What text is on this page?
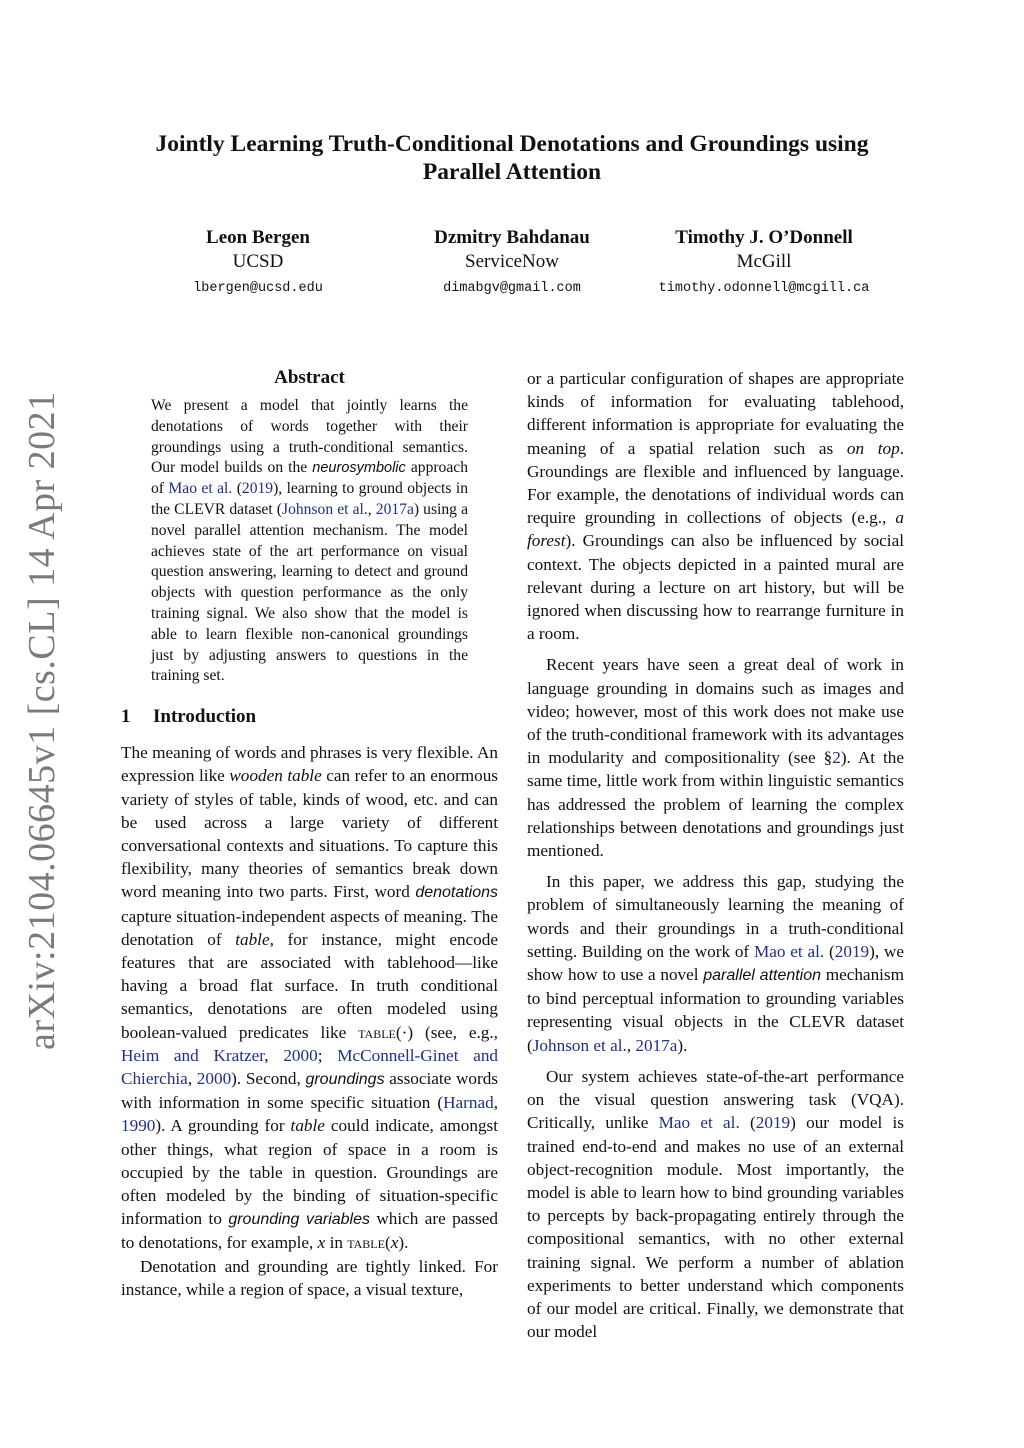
Jointly Learning Truth-Conditional Denotations and Groundings using
Parallel Attention
Leon Bergen
UCSD
lbergen@ucsd.edu
Dzmitry Bahdanau
ServiceNow
dimabgv@gmail.com
Timothy J. O’Donnell
McGill
timothy.odonnell@mcgill.ca
arXiv:2104.06645v1 [cs.CL] 14 Apr 2021
Abstract
We present a model that jointly learns the denotations of words together with their groundings using a truth-conditional semantics. Our model builds on the neurosymbolic approach of Mao et al. (2019), learning to ground objects in the CLEVR dataset (Johnson et al., 2017a) using a novel parallel attention mechanism. The model achieves state of the art performance on visual question answering, learning to detect and ground objects with question performance as the only training signal. We also show that the model is able to learn flexible non-canonical groundings just by adjusting answers to questions in the training set.
1 Introduction

The meaning of words and phrases is very flexible. An expression like wooden table can refer to an enormous variety of styles of table, kinds of wood, etc. and can be used across a large variety of different conversational contexts and situations. To capture this flexibility, many theories of semantics break down word meaning into two parts. First, word denotations capture situation-independent aspects of meaning. The denotation of table, for instance, might encode features that are associated with tablehood—like having a broad flat surface. In truth conditional semantics, denotations are often modeled using boolean-valued predicates like table(·) (see, e.g., Heim and Kratzer, 2000; McConnell-Ginet and Chierchia, 2000). Second, groundings associate words with information in some specific situation (Harnad, 1990). A grounding for table could indicate, amongst other things, what region of space in a room is occupied by the table in question. Groundings are often modeled by the binding of situation-specific information to grounding variables which are passed to denotations, for example, x in table(x).

Denotation and grounding are tightly linked. For instance, while a region of space, a visual texture,

or a particular configuration of shapes are appropriate kinds of information for evaluating tablehood, different information is appropriate for evaluating the meaning of a spatial relation such as on top. Groundings are flexible and influenced by language. For example, the denotations of individual words can require grounding in collections of objects (e.g., a forest). Groundings can also be influenced by social context. The objects depicted in a painted mural are relevant during a lecture on art history, but will be ignored when discussing how to rearrange furniture in a room.

Recent years have seen a great deal of work in language grounding in domains such as images and video; however, most of this work does not make use of the truth-conditional framework with its advantages in modularity and compositionality (see §2). At the same time, little work from within linguistic semantics has addressed the problem of learning the complex relationships between denotations and groundings just mentioned.

In this paper, we address this gap, studying the problem of simultaneously learning the meaning of words and their groundings in a truth-conditional setting. Building on the work of Mao et al. (2019), we show how to use a novel parallel attention mechanism to bind perceptual information to grounding variables representing visual objects in the CLEVR dataset (Johnson et al., 2017a).

Our system achieves state-of-the-art performance on the visual question answering task (VQA). Critically, unlike Mao et al. (2019) our model is trained end-to-end and makes no use of an external object-recognition module. Most importantly, the model is able to learn how to bind grounding variables to percepts by back-propagating entirely through the compositional semantics, with no other external training signal. We perform a number of ablation experiments to better understand which components of our model are critical. Finally, we demonstrate that our model
